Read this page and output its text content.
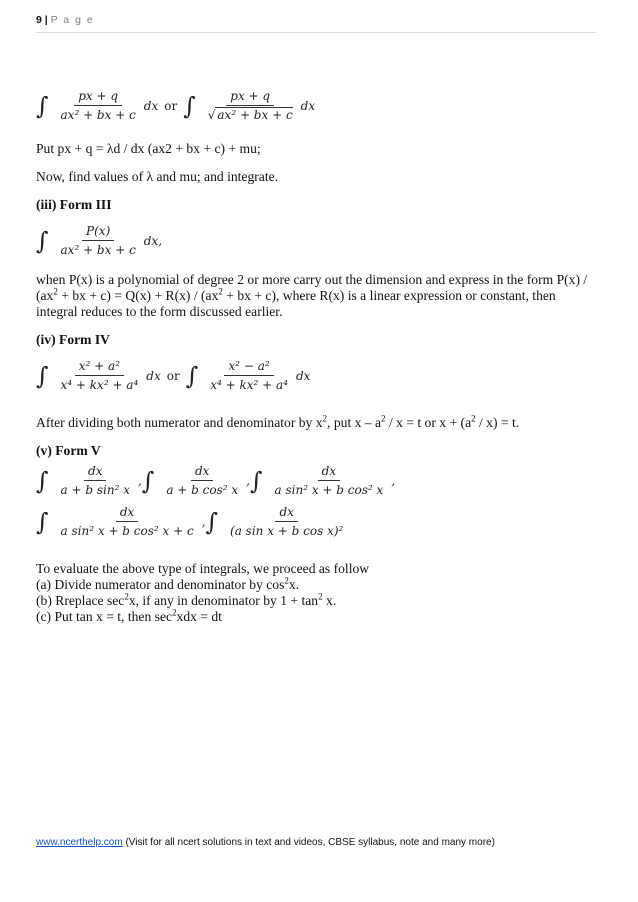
9 | P a g e
∫ $\frac{px + q}{\text{ax² + bx + c}}$ dx or ∫ $\frac{px + q}{\text{√ ax² + bx + c}}$ dx

Put px + q = λd / dx (ax2 + bx + c) + mu;

Now, find values of λ and mu; and integrate.

(iii) Form III

∫ $\frac{P(x)}{\text{ax² + bx + c}}$ dx,

when P(x) is a polynomial of degree 2 or more carry out the dimension and express in the form $P(x) / (ax^2$ + bx + $c) = Q(x) + R(x) / (ax^2$ + bx + c), where R(x) is a linear expression or constant, then integral reduces to the form discussed earlier.

(iv) Form IV

∫ $\frac{\text{x² + a²}}{\text{x⁴ + kx² + a⁴}}$ dx or ∫ $\frac{\text{x² − a²}}{\text{x⁴ + kx² + a⁴}}$ dx

After dividing both numerator and denominator by $x^2$, put $x - a^2 / x = t$ or $x + (a^2 / x) = t$.

(v) Form V

∫ $\frac{dx}{\text{a + b sin² x}}$ , ∫ $\frac{dx}{\text{a + b cos² x}}$ , ∫ $\frac{dx}{\text{a sin² x + b cos² x}}$ ,
∫ $\frac{dx}{\text{a sin² x + b cos² x + c}}$ , ∫ $\frac{dx}{\text{(a sin x + b cos x)²}}$

To evaluate the above type of integrals, we proceed as follow

(a) Divide numerator and denominator by $\cos^2x$.

(b) Rreplace $\sec^2x$, if any in denominator by $1 + \tan^2 x$.

(c) Put tan x = t, then $\sec^2xdx$ = dt

www.ncerthelp.com (Visit for all ncert solutions in text and videos, CBSE syllabus, note and many more)
